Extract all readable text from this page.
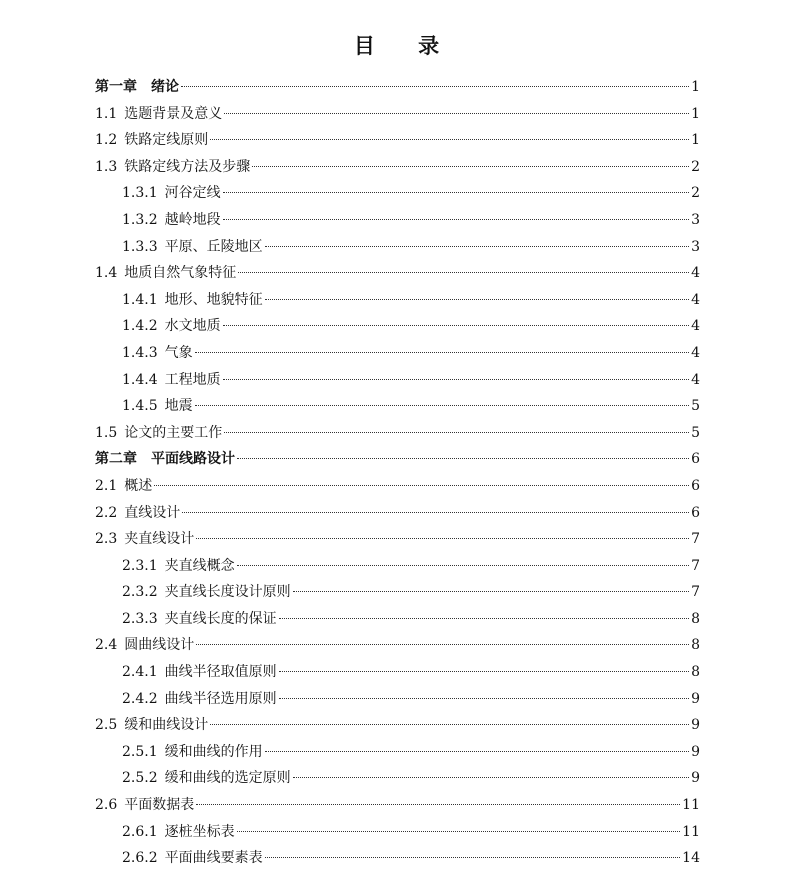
目 录
第一章 绪论	1
1.1 选题背景及意义	1
1.2 铁路定线原则	1
1.3 铁路定线方法及步骤	2
1.3.1 河谷定线	2
1.3.2 越岭地段	3
1.3.3 平原、丘陵地区	3
1.4 地质自然气象特征	4
1.4.1 地形、地貌特征	4
1.4.2 水文地质	4
1.4.3 气象	4
1.4.4 工程地质	4
1.4.5 地震	5
1.5 论文的主要工作	5
第二章 平面线路设计	6
2.1 概述	6
2.2 直线设计	6
2.3 夹直线设计	7
2.3.1 夹直线概念	7
2.3.2 夹直线长度设计原则	7
2.3.3 夹直线长度的保证	8
2.4 圆曲线设计	8
2.4.1 曲线半径取值原则	8
2.4.2 曲线半径选用原则	9
2.5 缓和曲线设计	9
2.5.1 缓和曲线的作用	9
2.5.2 缓和曲线的选定原则	9
2.6 平面数据表	11
2.6.1 逐桩坐标表	11
2.6.2 平面曲线要素表	14
